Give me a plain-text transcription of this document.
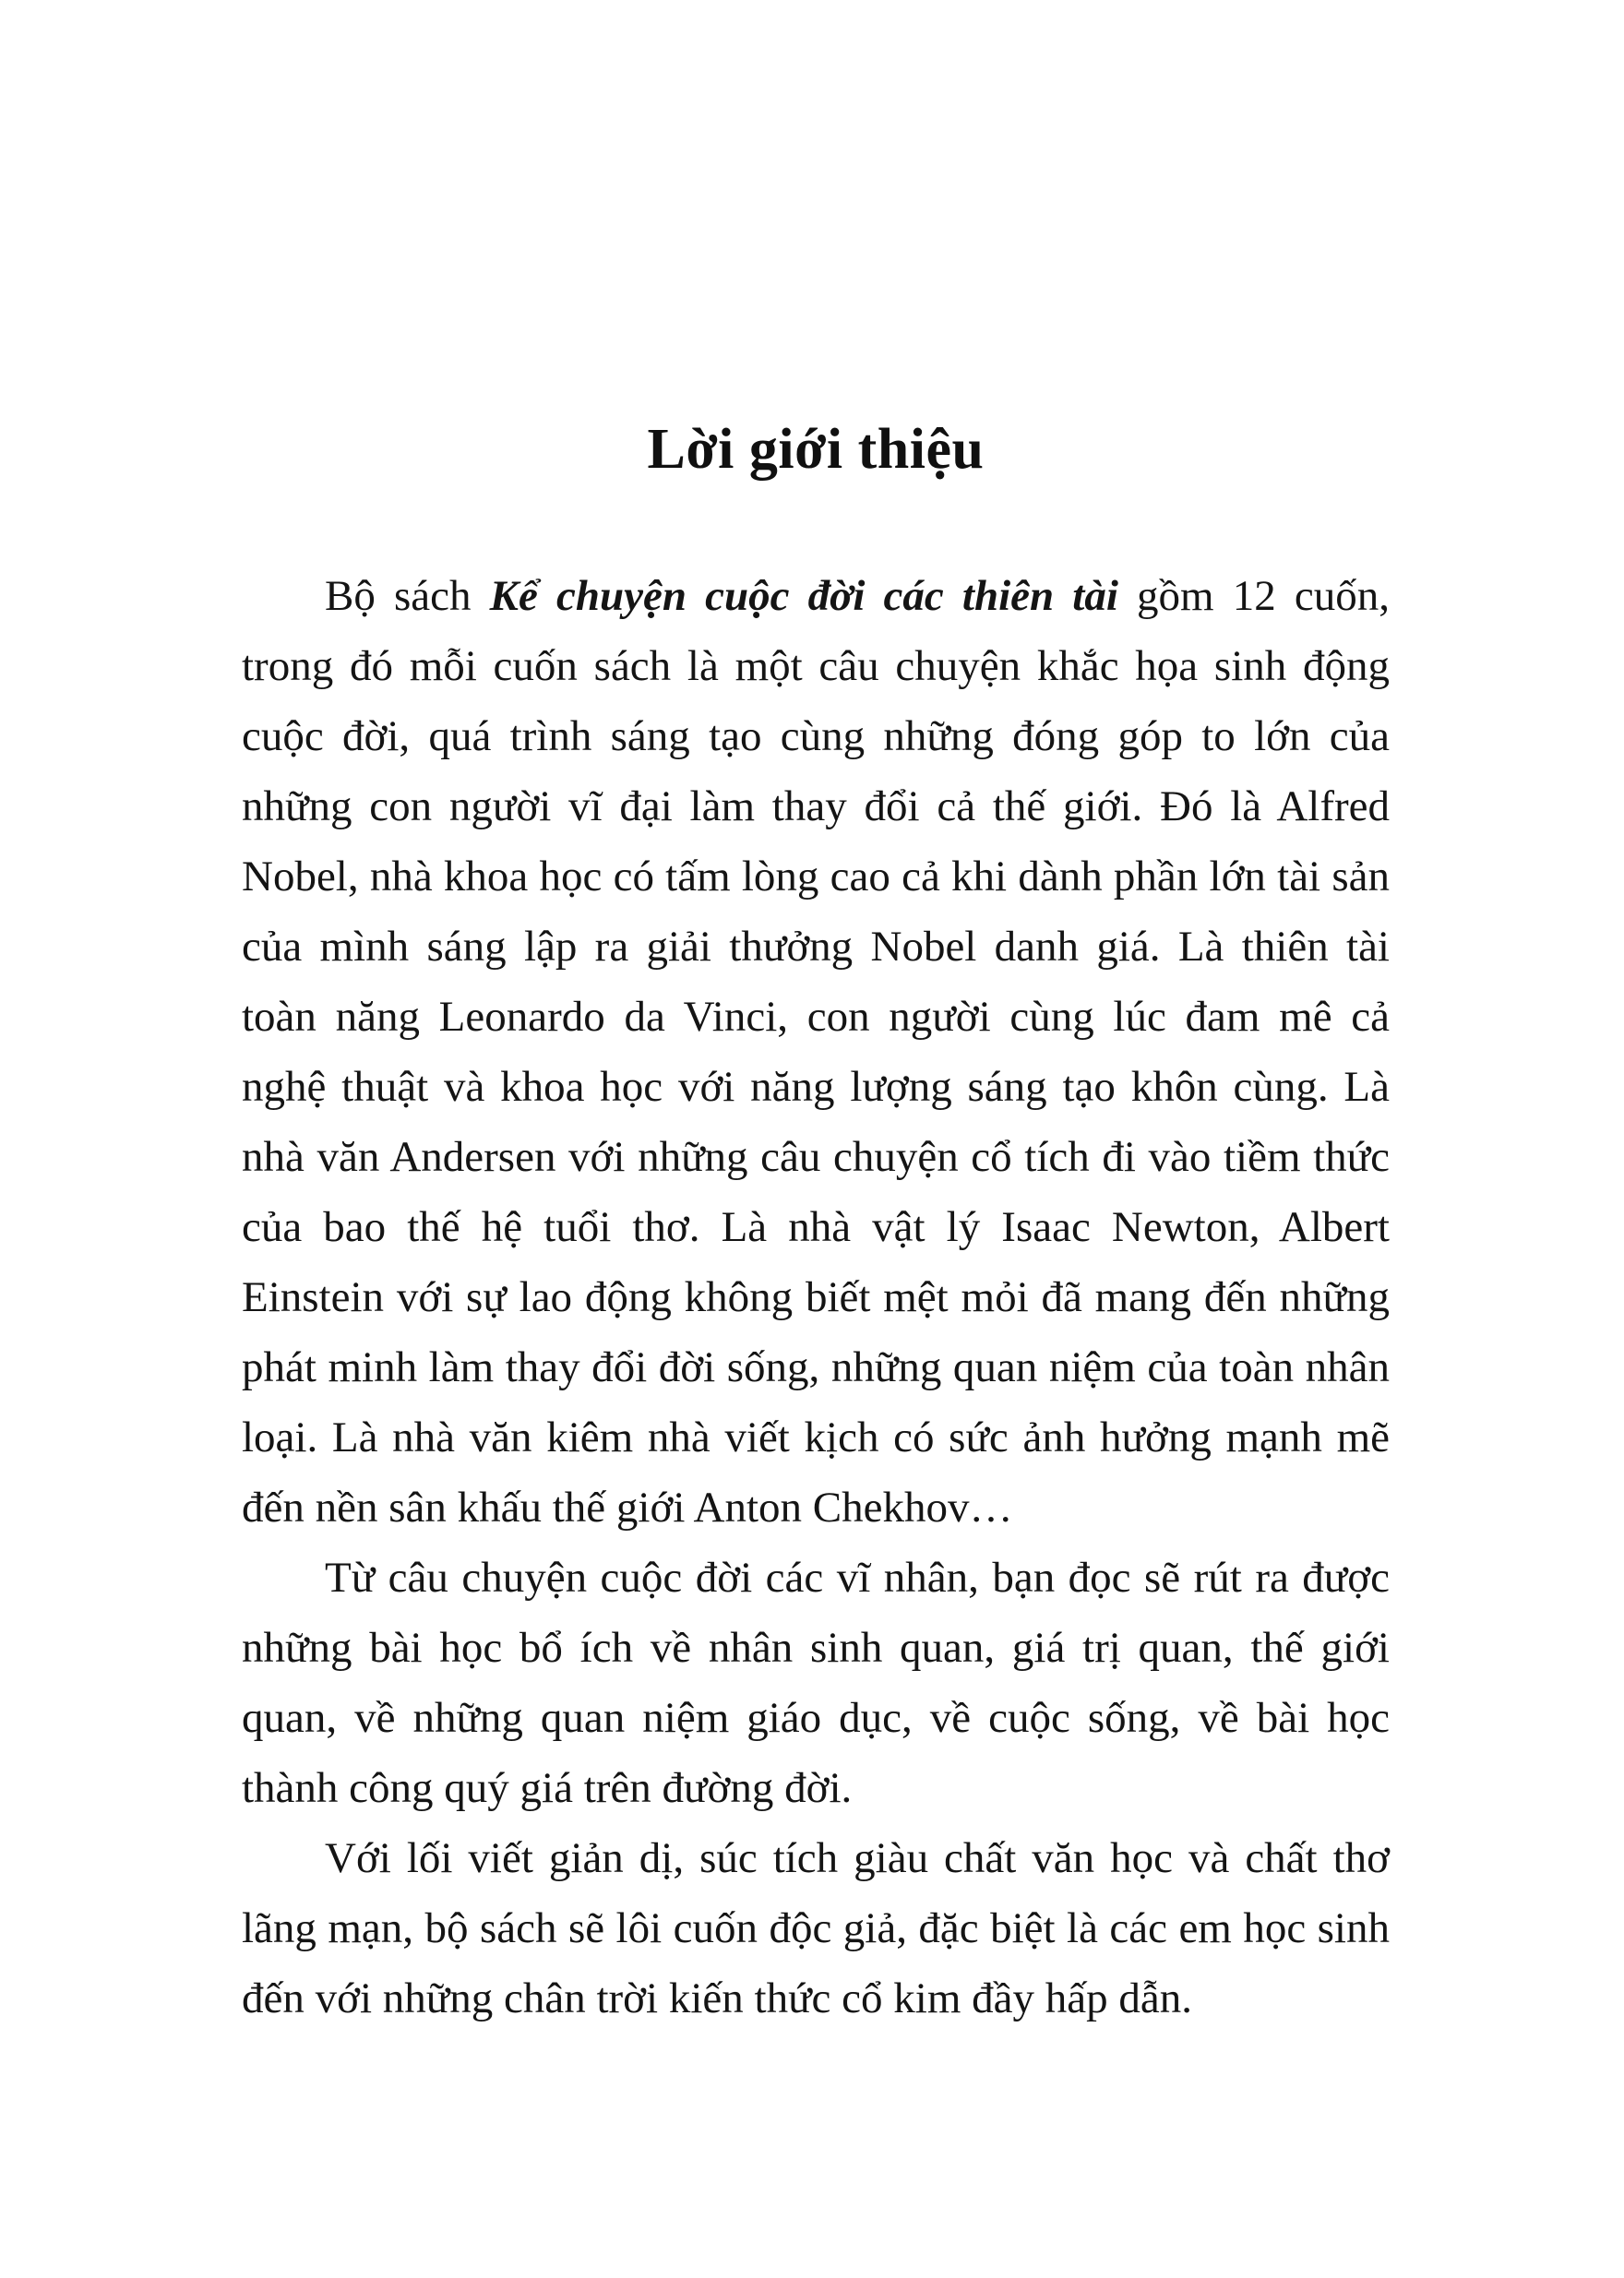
Lời giới thiệu

Bộ sách Kể chuyện cuộc đời các thiên tài gồm 12 cuốn, trong đó mỗi cuốn sách là một câu chuyện khắc họa sinh động cuộc đời, quá trình sáng tạo cùng những đóng góp to lớn của những con người vĩ đại làm thay đổi cả thế giới. Đó là Alfred Nobel, nhà khoa học có tấm lòng cao cả khi dành phần lớn tài sản của mình sáng lập ra giải thưởng Nobel danh giá. Là thiên tài toàn năng Leonardo da Vinci, con người cùng lúc đam mê cả nghệ thuật và khoa học với năng lượng sáng tạo khôn cùng. Là nhà văn Andersen với những câu chuyện cổ tích đi vào tiềm thức của bao thế hệ tuổi thơ. Là nhà vật lý Isaac Newton, Albert Einstein với sự lao động không biết mệt mỏi đã mang đến những phát minh làm thay đổi đời sống, những quan niệm của toàn nhân loại. Là nhà văn kiêm nhà viết kịch có sức ảnh hưởng mạnh mẽ đến nền sân khấu thế giới Anton Chekhov…

Từ câu chuyện cuộc đời các vĩ nhân, bạn đọc sẽ rút ra được những bài học bổ ích về nhân sinh quan, giá trị quan, thế giới quan, về những quan niệm giáo dục, về cuộc sống, về bài học thành công quý giá trên đường đời.

Với lối viết giản dị, súc tích giàu chất văn học và chất thơ lãng mạn, bộ sách sẽ lôi cuốn độc giả, đặc biệt là các em học sinh đến với những chân trời kiến thức cổ kim đầy hấp dẫn.
